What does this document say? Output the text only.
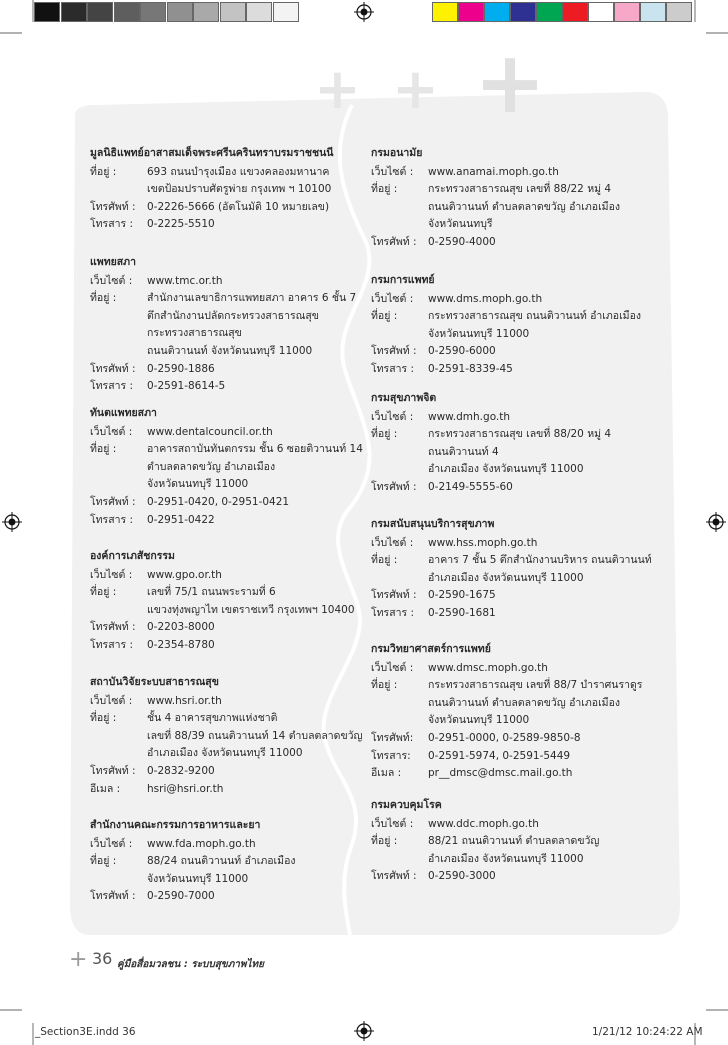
+ + +
มูลนิธิแพทย์อาสาสมเด็จพระศรีนครินทราบรมราชชนนี
ที่อยู่ :	693 ถนนบำรุงเมือง แขวงคลองมหานาค
เขตป้อมปราบศัตรูพ่าย กรุงเทพ ฯ 10100
โทรศัพท์ :	0-2226-5666 (อัตโนมัติ 10 หมายเลข)
โทรสาร :	0-2225-5510
แพทยสภา
เว็บไซต์ :	www.tmc.or.th
ที่อยู่ :	สำนักงานเลขาธิการแพทยสภา อาคาร 6 ชั้น 7
ตึกสำนักงานปลัดกระทรวงสาธารณสุข
กระทรวงสาธารณสุข
ถนนติวานนท์ จังหวัดนนทบุรี 11000
โทรศัพท์ :	0-2590-1886
โทรสาร :	0-2591-8614-5
ทันตแพทยสภา
เว็บไซต์ :	www.dentalcouncil.or.th
ที่อยู่ :	อาคารสถาบันทันตกรรม ชั้น 6 ซอยติวานนท์ 14
ตำบลตลาดขวัญ อำเภอเมือง
จังหวัดนนทบุรี 11000
โทรศัพท์ :	0-2951-0420, 0-2951-0421
โทรสาร :	0-2951-0422
องค์การเภสัชกรรม
เว็บไซต์ :	www.gpo.or.th
ที่อยู่ :	เลขที่ 75/1 ถนนพระรามที่ 6
แขวงทุ่งพญาไท เขตราชเทวี กรุงเทพฯ 10400
โทรศัพท์ :	0-2203-8000
โทรสาร :	0-2354-8780
สถาบันวิจัยระบบสาธารณสุข
เว็บไซต์ :	www.hsri.or.th
ที่อยู่ :	ชั้น 4 อาคารสุขภาพแห่งชาติ
เลขที่ 88/39 ถนนติวานนท์ 14 ตำบลตลาดขวัญ
อำเภอเมือง จังหวัดนนทบุรี 11000
โทรศัพท์ :	0-2832-9200
อีเมล :	hsri@hsri.or.th
สำนักงานคณะกรรมการอาหารและยา
เว็บไซต์ :	www.fda.moph.go.th
ที่อยู่ :	88/24 ถนนติวานนท์ อำเภอเมือง
จังหวัดนนทบุรี 11000
โทรศัพท์ :	0-2590-7000
กรมอนามัย
เว็บไซต์ :	www.anamai.moph.go.th
ที่อยู่ :	กระทรวงสาธารณสุข เลขที่ 88/22 หมู่ 4
ถนนติวานนท์ ตำบลตลาดขวัญ อำเภอเมือง
จังหวัดนนทบุรี
โทรศัพท์ :	0-2590-4000
กรมการแพทย์
เว็บไซต์ :	www.dms.moph.go.th
ที่อยู่ :	กระทรวงสาธารณสุข ถนนติวานนท์ อำเภอเมือง
จังหวัดนนทบุรี 11000
โทรศัพท์ :	0-2590-6000
โทรสาร :	0-2591-8339-45
กรมสุขภาพจิต
เว็บไซต์ :	www.dmh.go.th
ที่อยู่ :	กระทรวงสาธารณสุข เลขที่ 88/20 หมู่ 4
ถนนติวานนท์ 4
อำเภอเมือง จังหวัดนนทบุรี 11000
โทรศัพท์ :	0-2149-5555-60
กรมสนับสนุนบริการสุขภาพ
เว็บไซต์ :	www.hss.moph.go.th
ที่อยู่ :	อาคาร 7 ชั้น 5 ตึกสำนักงานบริหาร ถนนติวานนท์
อำเภอเมือง จังหวัดนนทบุรี 11000
โทรศัพท์ :	0-2590-1675
โทรสาร :	0-2590-1681
กรมวิทยาศาสตร์การแพทย์
เว็บไซต์ :	www.dmsc.moph.go.th
ที่อยู่ :	กระทรวงสาธารณสุข เลขที่ 88/7 บำราศนราดูร
ถนนติวานนท์ ตำบลตลาดขวัญ อำเภอเมือง
จังหวัดนนทบุรี 11000
โทรศัพท์:	0-2951-0000, 0-2589-9850-8
โทรสาร:	0-2591-5974, 0-2591-5449
อีเมล :	pr__dmsc@dmsc.mail.go.th
กรมควบคุมโรค
เว็บไซต์ :	www.ddc.moph.go.th
ที่อยู่ :	88/21 ถนนติวานนท์ ตำบลตลาดขวัญ
อำเภอเมือง จังหวัดนนทบุรี 11000
โทรศัพท์ :	0-2590-3000
+ 36 คู่มือสื่อมวลชน : ระบบสุขภาพไทย
_Section3E.indd 36	1/21/12 10:24:22 AM
